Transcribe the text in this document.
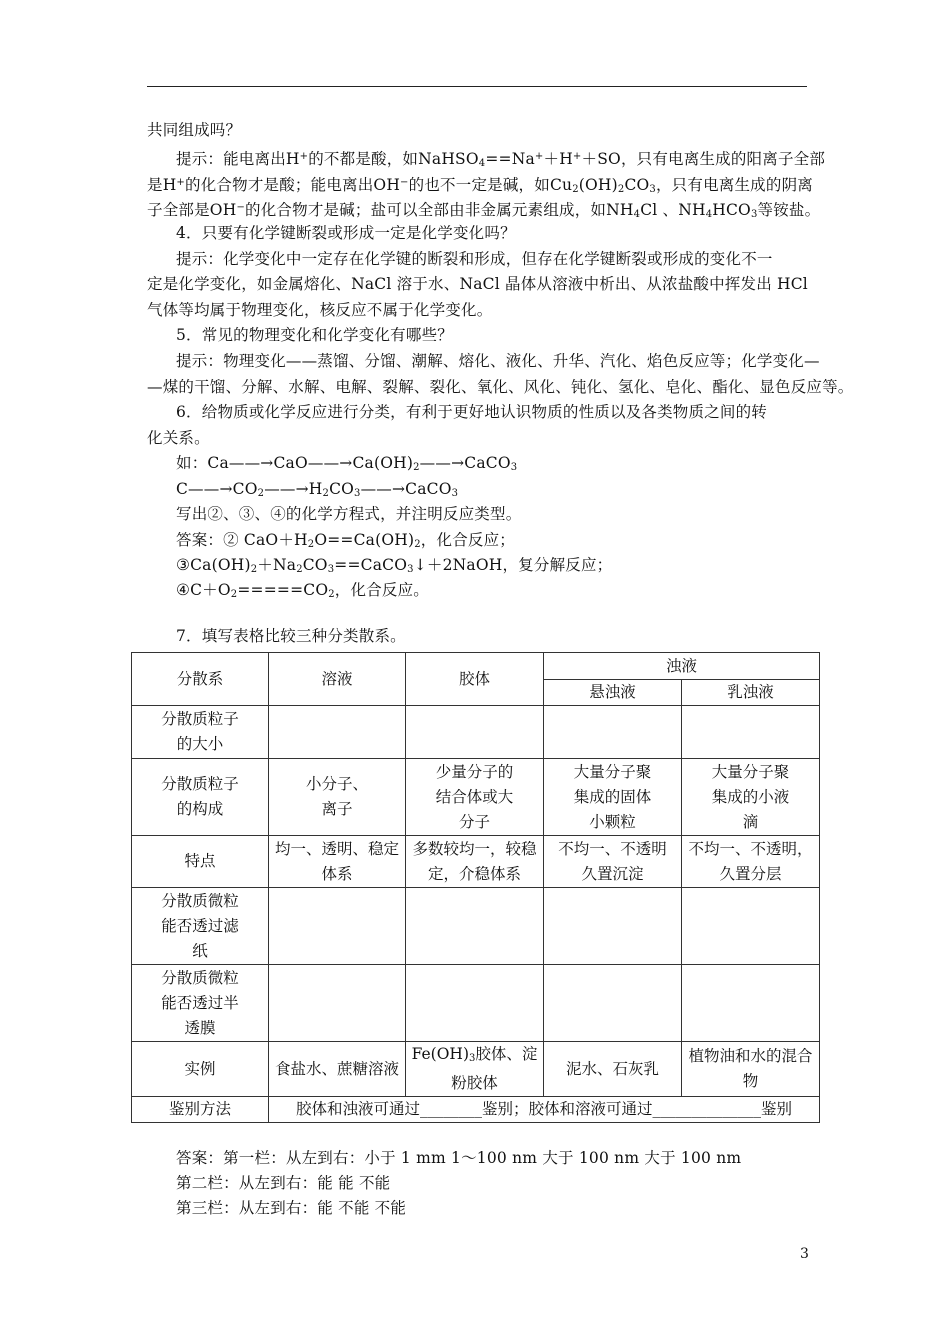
共同组成吗？
提示：能电离出H+的不都是酸，如NaHSO$_4$==Na+＋H+＋SO，只有电离生成的阳离子全部
是H+的化合物才是酸；能电离出OH−的也不一定是碱，如$Cu_2(OH)_2CO_3$，只有电离生成的阴离
子全部是OH−的化合物才是碱；盐可以全部由非金属元素组成，如$NH_4Cl$ 、$NH_4HCO_3$等铵盐。
4．只要有化学键断裂或形成一定是化学变化吗？
提示：化学变化中一定存在化学键的断裂和形成，但存在化学键断裂或形成的变化不一
定是化学变化，如金属熔化、NaCl 溶于水、NaCl 晶体从溶液中析出、从浓盐酸中挥发出 HCl
气体等均属于物理变化，核反应不属于化学变化。
5．常见的物理变化和化学变化有哪些？
提示：物理变化——蒸馏、分馏、潮解、熔化、液化、升华、汽化、焰色反应等；化学变化—
—煤的干馏、分解、水解、电解、裂解、裂化、氧化、风化、钝化、氢化、皂化、酯化、显色反应等。
6．给物质或化学反应进行分类，有利于更好地认识物质的性质以及各类物质之间的转
化关系。
如：$Ca——\to CaO——\to Ca(OH)_2——\to CaCO_3$
$C——\to CO_2——\to H_2CO_3——\to CaCO_3$
写出②、③、④的化学方程式，并注明反应类型。
答案：② $CaO+H_2O==Ca(OH)_2$，化合反应；
$③Ca(OH)_2+Na_2CO_3==CaCO_3↓+2NaOH$，复分解反应；
$④C+O_2=====CO_2$，化合反应。
7．填写表格比较三种分类散系。
分散系	溶液	胶体	浊液	
			悬浊液	乳浊液

分散质粒子的大小				

分散质粒子的构成	小分子、离子	少量分子的结合体或大分子	大量分子聚集成的固体小颗粒	大量分子聚集成的小液滴

特点	均一、透明、稳定体系	多数较均一，较稳定，介稳体系	不均一、不透明久置沉淀	不均一、不透明，久置分层

分散质微粒能否透过滤纸				

分散质微粒能否透过半透膜				

实例	食盐水、蔗糖溶液	$Fe(OH)_3$胶体、淀粉胶体	泥水、石灰乳	植物油和水的混合物

鉴别方法	胶体和浊液可通过________鉴别；胶体和溶液可通过______________鉴别			
答案：第一栏：从左到右：小于 1 mm 1～100 nm 大于 100 nm 大于 100 nm
第二栏：从左到右：能 能 不能
第三栏：从左到右：能 不能 不能
3
